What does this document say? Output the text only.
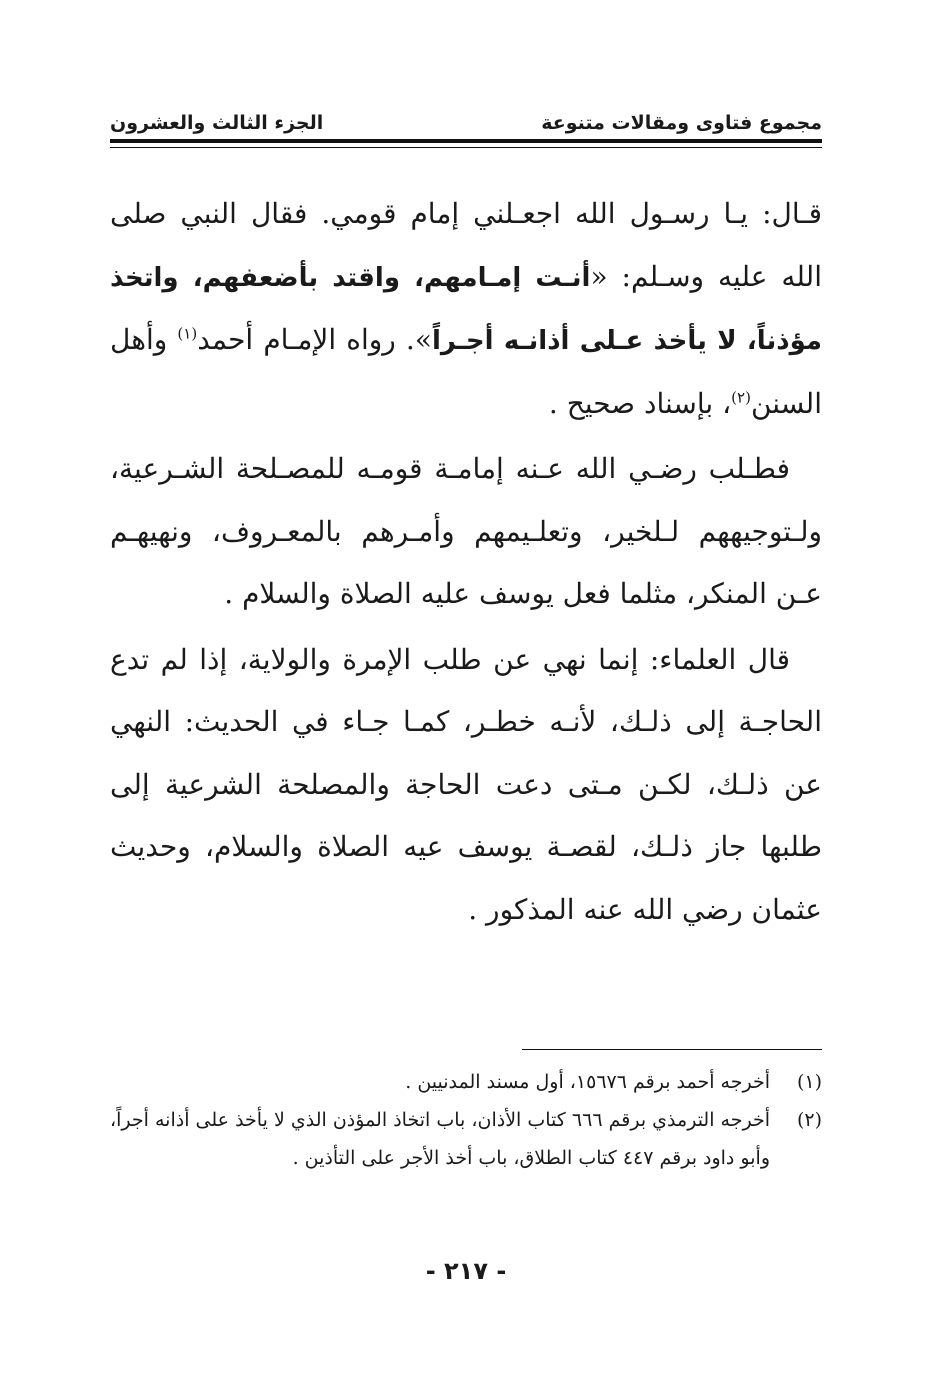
مجموع فتاوى ومقالات متنوعة
الجزء الثالث والعشرون

قـال: يـا رسـول الله اجعـلني إمام قومي. فقال النبي صلى الله عليه وسـلم: «أنـت إمـامهم، واقتد بأضعفهم، واتخذ مؤذناً، لا يأخذ عـلى أذانـه أجـراً». رواه الإمـام أحمد$^{(١)}$ وأهل السنن$^{(٢)}$، بإسناد صحيح .

فطـلب رضـي الله عـنه إمامـة قومـه للمصـلحة الشـرعية، ولـتوجيههم لـلخير، وتعلـيمهم وأمـرهم بالمعـروف، ونهيهـم عـن المنكر، مثلما فعل يوسف عليه الصلاة والسلام .

قال العلماء: إنما نهي عن طلب الإمرة والولاية، إذا لم تدع الحاجـة إلى ذلـك، لأنـه خطـر، كمـا جـاء في الحديث: النهي عن ذلـك، لكـن مـتى دعت الحاجة والمصلحة الشرعية إلى طلبها جاز ذلـك، لقصـة يوسف عيه الصلاة والسلام، وحديث عثمان رضي الله عنه المذكور .

(١)
أخرجه أحمد برقم ١٥٦٧٦، أول مسند المدنيين .
(٢)
أخرجه الترمذي برقم ٦٦٦ كتاب الأذان، باب اتخاذ المؤذن الذي لا يأخذ على أذانه أجراً، وأبو داود برقم ٤٤٧ كتاب الطلاق، باب أخذ الأجر على التأذين .
- ٢١٧ -
